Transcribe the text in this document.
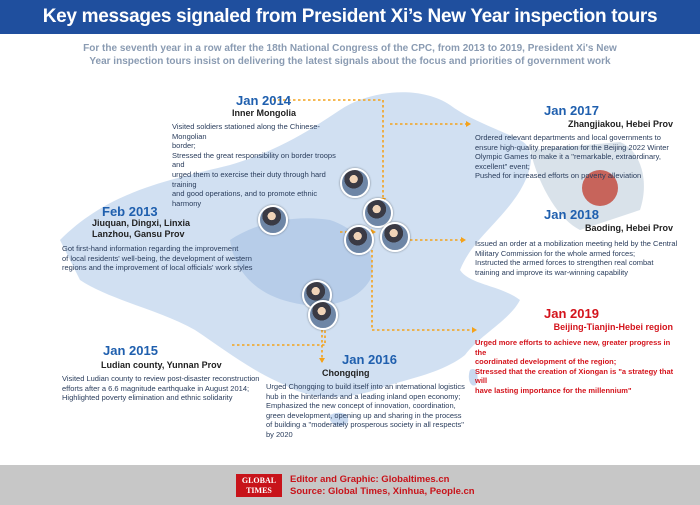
Key messages signaled from President Xi’s New Year inspection tours
For the seventh year in a row after the 18th National Congress of the CPC, from 2013 to 2019, President Xi's New
Year inspection tours insist on delivering the latest signals about the focus and priorities of government work
Jan 2014
Inner Mongolia
Visited soldiers stationed along the Chinese-Mongolian
border;
Stressed the great responsibility on border troops and
urged them to exercise their duty through hard training
and good operations, and to promote ethnic harmony
Jan 2017
Zhangjiakou, Hebei Prov
Ordered relevant departments and local governments to
ensure high-quality preparation for the Beijing 2022 Winter
Olympic Games to make it a "remarkable, extraordinary,
excellent" event;
Pushed for increased efforts on poverty alleviation
Feb 2013
Jiuquan, Dingxi, Linxia
Lanzhou, Gansu Prov
Got first-hand information regarding the improvement
of local residents' well-being, the development of western
regions and the improvement of local officials' work styles
Jan 2018
Baoding, Hebei Prov
Issued an order at a mobilization meeting held by the Central
Military Commission for the whole armed forces;
Instructed the armed forces to strengthen real combat
training and improve its war-winning capability
Jan 2019
Beijing-Tianjin-Hebei region
Urged more efforts to achieve new, greater progress in the
coordinated development of the region;
Stressed that the creation of Xiongan is "a strategy that will
have lasting importance for the millennium"
Jan 2015
Ludian county, Yunnan Prov
Visited Ludian county to review post-disaster reconstruction
efforts after a 6.6 magnitude earthquake in August 2014;
Highlighted poverty elimination and ethnic solidarity
Jan 2016
Chongqing
Urged Chongqing to build itself into an international logistics
hub in the hinterlands and a leading inland open economy;
Emphasized the new concept of innovation, coordination,
green development, opening up and sharing in the process
of building a "moderately prosperous society in all respects"
by 2020
GLOBAL
TIMES
Editor and Graphic: Globaltimes.cn
Source: Global Times, Xinhua, People.cn
